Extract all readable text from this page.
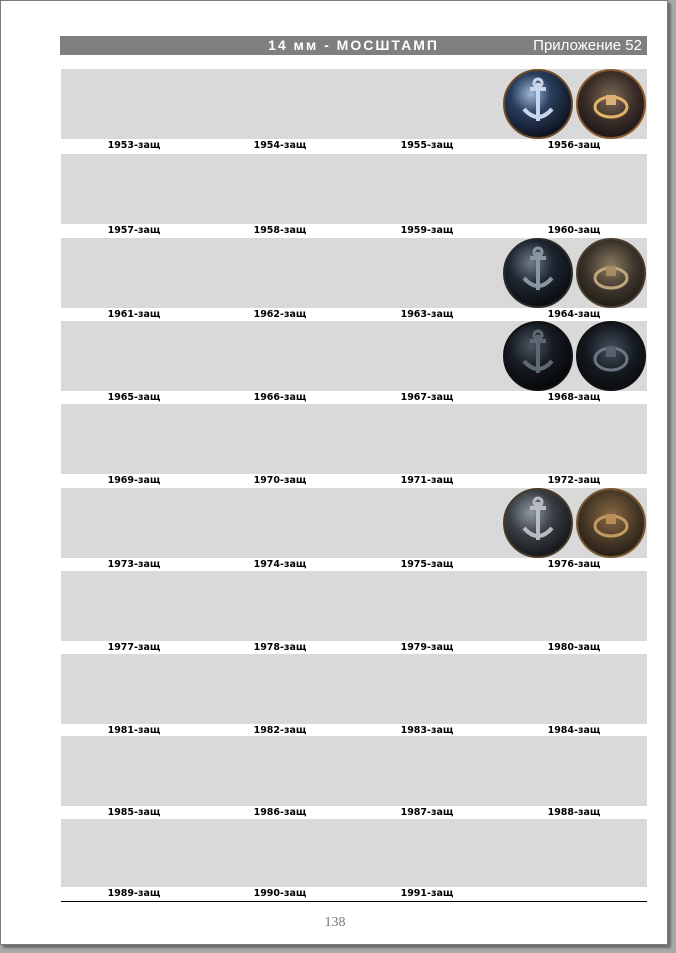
14 мм - МОСШТАМП	Приложение 52
1953-защ	1954-защ	1955-защ	1956-защ
1957-защ	1958-защ	1959-защ	1960-защ
1961-защ	1962-защ	1963-защ	1964-защ
1965-защ	1966-защ	1967-защ	1968-защ
1969-защ	1970-защ	1971-защ	1972-защ
1973-защ	1974-защ	1975-защ	1976-защ
1977-защ	1978-защ	1979-защ	1980-защ
1981-защ	1982-защ	1983-защ	1984-защ
1985-защ	1986-защ	1987-защ	1988-защ
1989-защ	1990-защ	1991-защ
138
